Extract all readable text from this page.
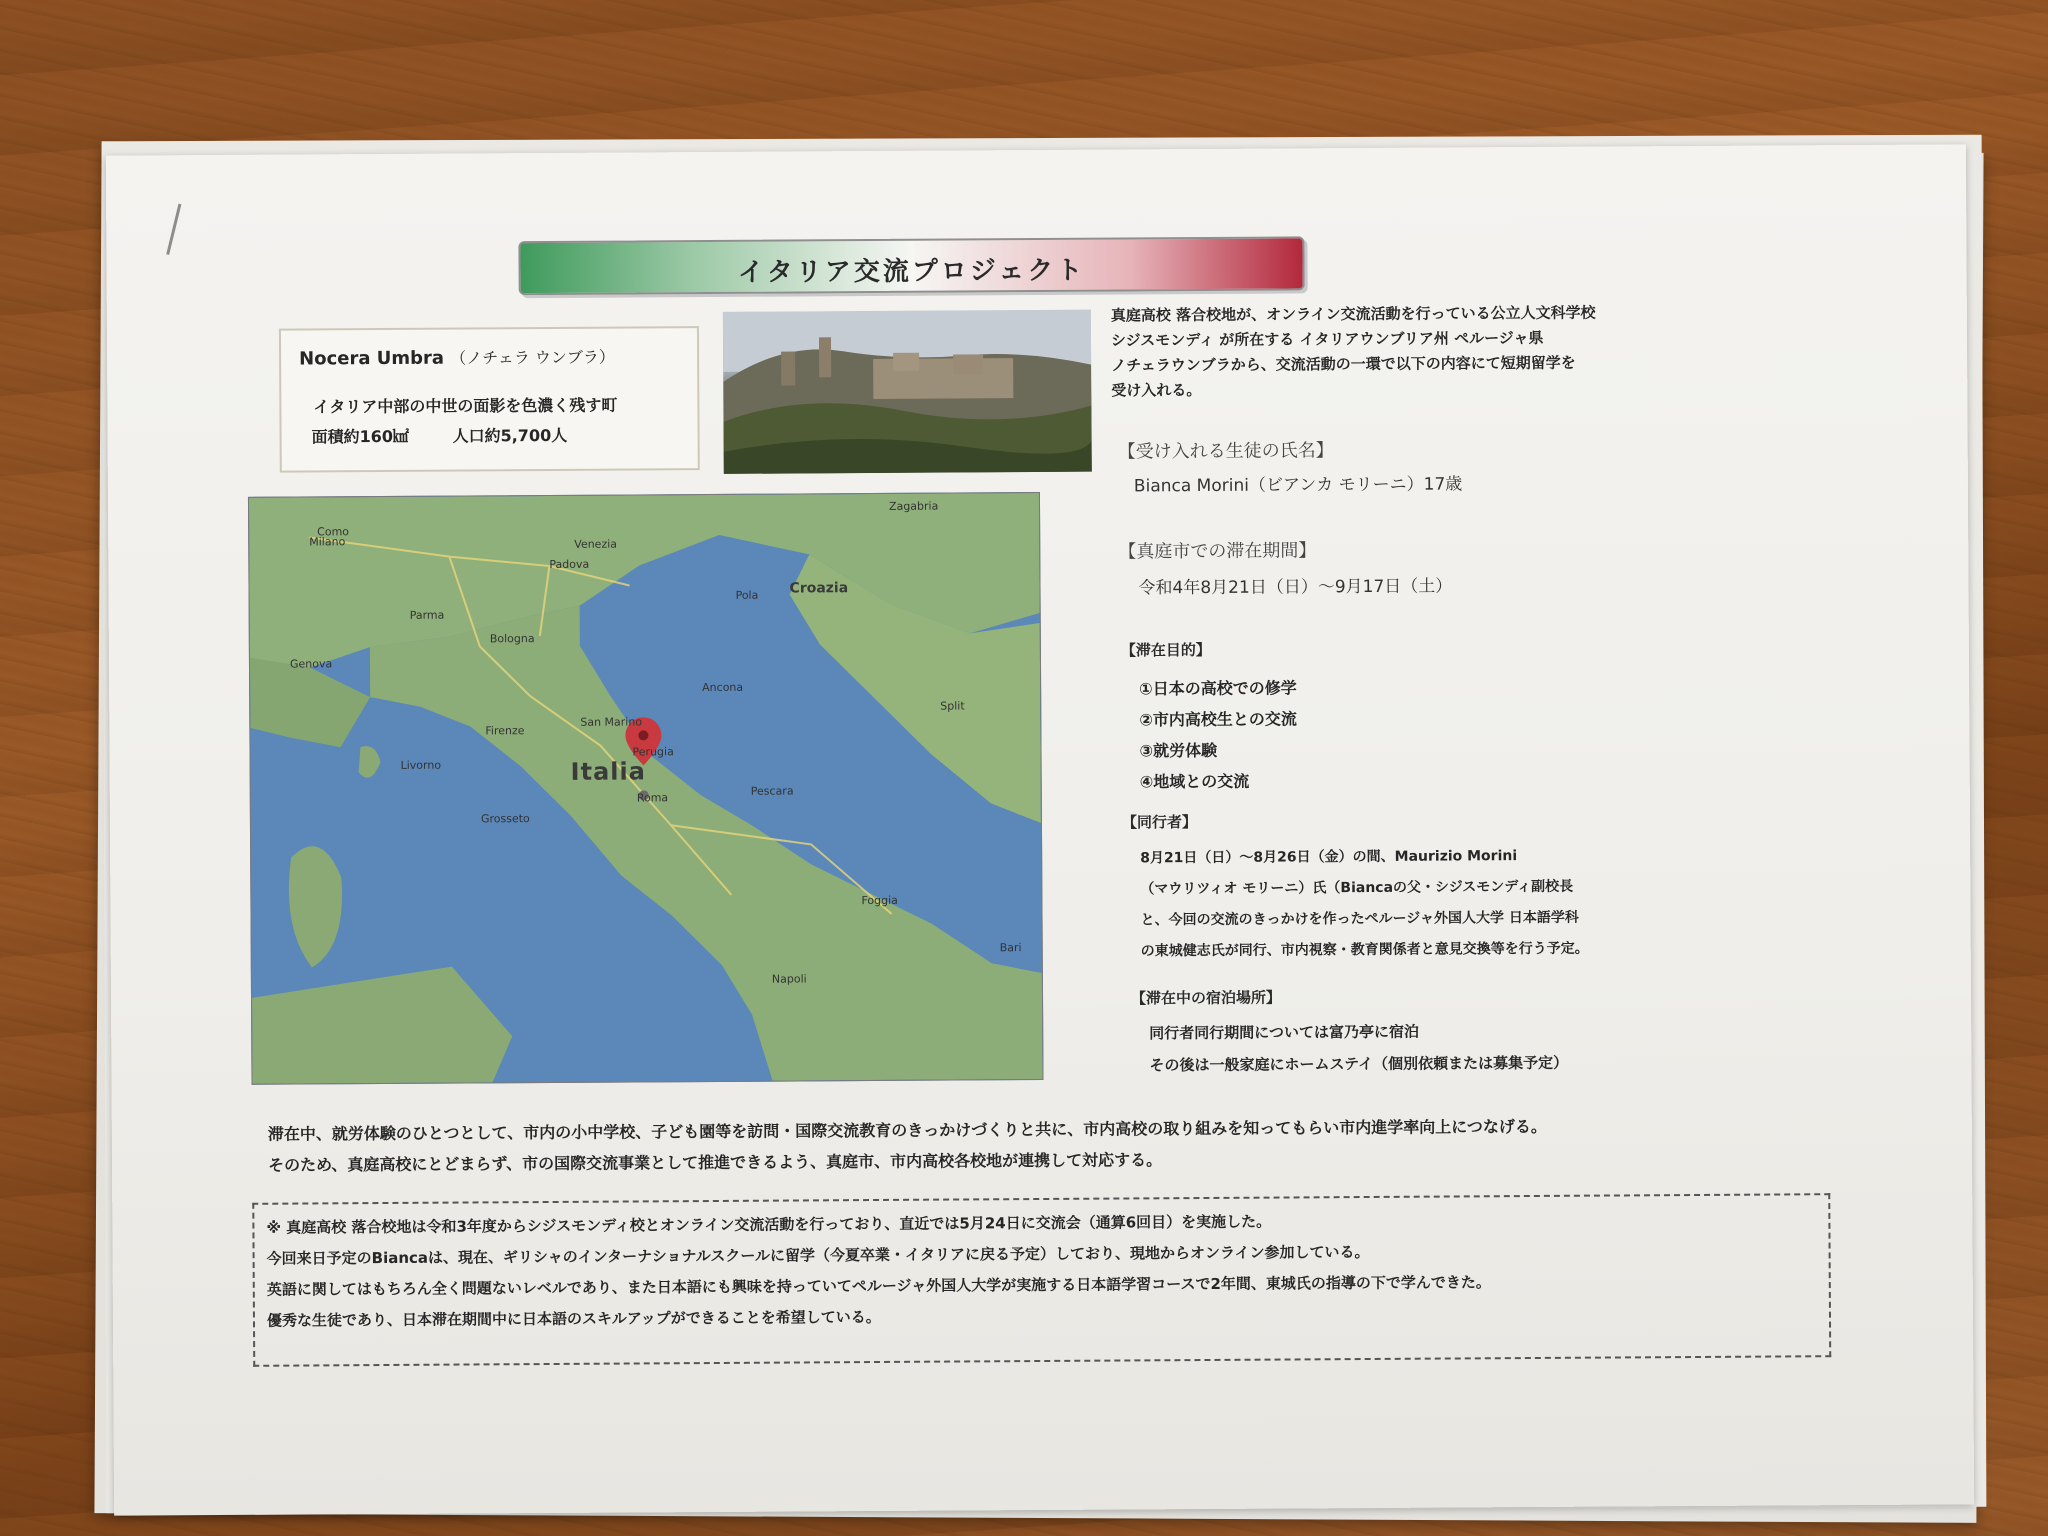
イタリア交流プロジェクト
Nocera Umbra （ノチェラ ウンブラ）
イタリア中部の中世の面影を色濃く残す町
面積約160㎢	人口約5,700人
Italia
Croazia
Zagabria
Milano	Venezia
Padova
Parma
Bologna
Genova
San Marino
Firenze
Livorno
Grosseto
Roma
Foggia
Napoli
Bari
Split
Pola
Como
Ancona
Pescara
Perugia
真庭高校 落合校地が、オンライン交流活動を行っている公立人文科学校
シジスモンディ が所在する イタリアウンブリア州 ペルージャ県
ノチェラウンブラから、交流活動の一環で以下の内容にて短期留学を
受け入れる。
【受け入れる生徒の氏名】
Bianca Morini（ビアンカ モリーニ）17歳
【真庭市での滞在期間】
令和4年8月21日（日）～9月17日（土）
【滞在目的】
①日本の高校での修学
②市内高校生との交流
③就労体験
④地域との交流
【同行者】
8月21日（日）～8月26日（金）の間、Maurizio Morini
（マウリツィオ モリーニ）氏（Biancaの父・シジスモンディ副校長
と、今回の交流のきっかけを作ったペルージャ外国人大学 日本語学科
の東城健志氏が同行、市内視察・教育関係者と意見交換等を行う予定。
【滞在中の宿泊場所】
同行者同行期間については富乃亭に宿泊
その後は一般家庭にホームステイ（個別依頼または募集予定）
滞在中、就労体験のひとつとして、市内の小中学校、子ども園等を訪問・国際交流教育のきっかけづくりと共に、市内高校の取り組みを知ってもらい市内進学率向上につなげる。
そのため、真庭高校にとどまらず、市の国際交流事業として推進できるよう、真庭市、市内高校各校地が連携して対応する。
※ 真庭高校 落合校地は令和3年度からシジスモンディ校とオンライン交流活動を行っており、直近では5月24日に交流会（通算6回目）を実施した。
今回来日予定のBiancaは、現在、ギリシャのインターナショナルスクールに留学（今夏卒業・イタリアに戻る予定）しており、現地からオンライン参加している。
英語に関してはもちろん全く問題ないレベルであり、また日本語にも興味を持っていてペルージャ外国人大学が実施する日本語学習コースで2年間、東城氏の指導の下で学んできた。
優秀な生徒であり、日本滞在期間中に日本語のスキルアップができることを希望している。
